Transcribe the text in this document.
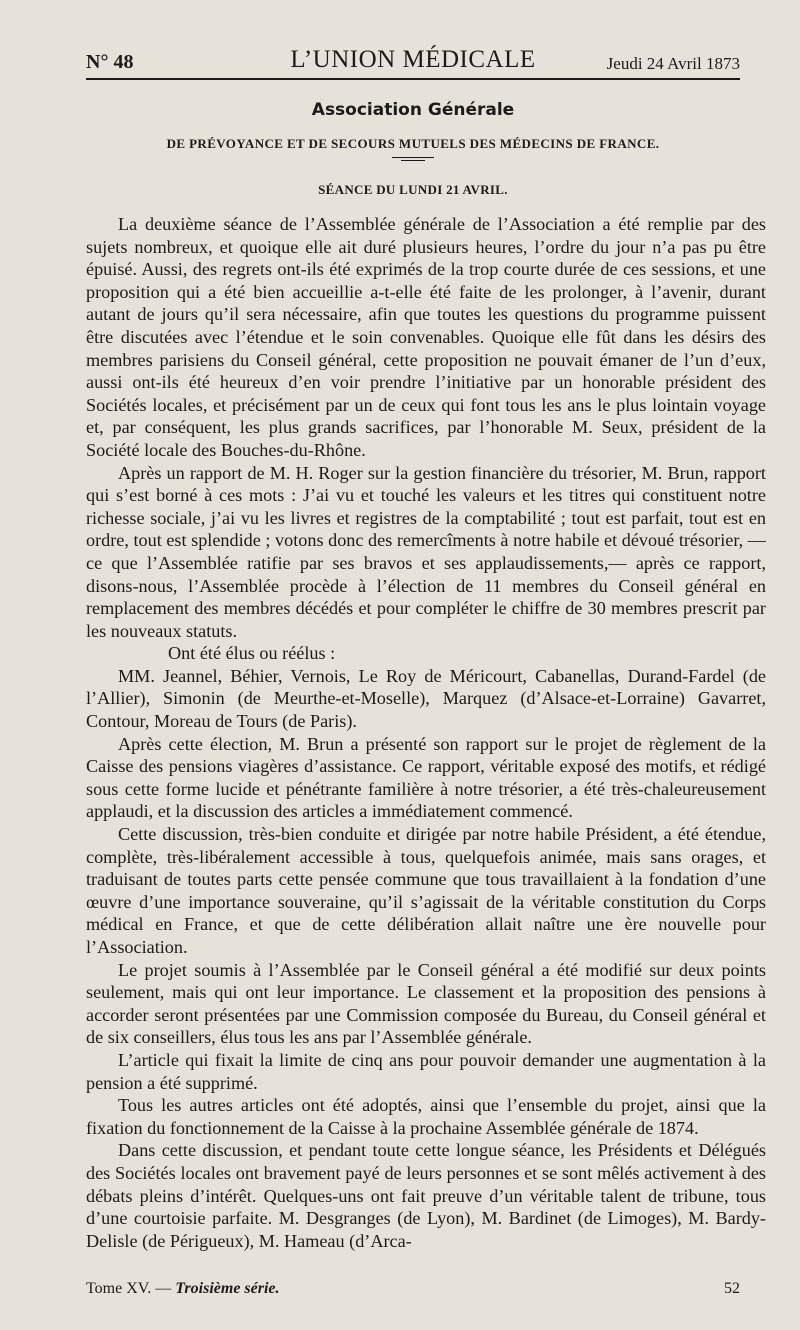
N° 48	L’UNION MÉDICALE	Jeudi 24 Avril 1873
Association Générale
DE PRÉVOYANCE ET DE SECOURS MUTUELS DES MÉDECINS DE FRANCE.
SÉANCE DU LUNDI 21 AVRIL.

La deuxième séance de l’Assemblée générale de l’Association a été remplie par des sujets nombreux, et quoique elle ait duré plusieurs heures, l’ordre du jour n’a pas pu être épuisé. Aussi, des regrets ont-ils été exprimés de la trop courte durée de ces sessions, et une proposition qui a été bien accueillie a-t-elle été faite de les prolonger, à l’avenir, durant autant de jours qu’il sera nécessaire, afin que toutes les questions du programme puissent être discutées avec l’étendue et le soin convenables. Quoique elle fût dans les désirs des membres parisiens du Conseil général, cette proposition ne pouvait émaner de l’un d’eux, aussi ont-ils été heureux d’en voir prendre l’initiative par un honorable président des Sociétés locales, et précisément par un de ceux qui font tous les ans le plus lointain voyage et, par conséquent, les plus grands sacrifices, par l’honorable M. Seux, président de la Société locale des Bouches-du-Rhône.

Après un rapport de M. H. Roger sur la gestion financière du trésorier, M. Brun, rapport qui s’est borné à ces mots : J’ai vu et touché les valeurs et les titres qui constituent notre richesse sociale, j’ai vu les livres et registres de la comptabilité ; tout est parfait, tout est en ordre, tout est splendide ; votons donc des remercîments à notre habile et dévoué trésorier, — ce que l’Assemblée ratifie par ses bravos et ses applaudissements,— après ce rapport, disons-nous, l’Assemblée procède à l’élection de 11 membres du Conseil général en remplacement des membres décédés et pour compléter le chiffre de 30 membres prescrit par les nouveaux statuts.

Ont été élus ou réélus :

MM. Jeannel, Béhier, Vernois, Le Roy de Méricourt, Cabanellas, Durand-Fardel (de l’Allier), Simonin (de Meurthe-et-Moselle), Marquez (d’Alsace-et-Lorraine) Gavarret, Contour, Moreau de Tours (de Paris).

Après cette élection, M. Brun a présenté son rapport sur le projet de règlement de la Caisse des pensions viagères d’assistance. Ce rapport, véritable exposé des motifs, et rédigé sous cette forme lucide et pénétrante familière à notre trésorier, a été très-chaleureusement applaudi, et la discussion des articles a immédiatement commencé.

Cette discussion, très-bien conduite et dirigée par notre habile Président, a été étendue, complète, très-libéralement accessible à tous, quelquefois animée, mais sans orages, et traduisant de toutes parts cette pensée commune que tous travaillaient à la fondation d’une œuvre d’une importance souveraine, qu’il s’agissait de la véritable constitution du Corps médical en France, et que de cette délibération allait naître une ère nouvelle pour l’Association.

Le projet soumis à l’Assemblée par le Conseil général a été modifié sur deux points seulement, mais qui ont leur importance. Le classement et la proposition des pensions à accorder seront présentées par une Commission composée du Bureau, du Conseil général et de six conseillers, élus tous les ans par l’Assemblée générale.

L’article qui fixait la limite de cinq ans pour pouvoir demander une augmentation à la pension a été supprimé.

Tous les autres articles ont été adoptés, ainsi que l’ensemble du projet, ainsi que la fixation du fonctionnement de la Caisse à la prochaine Assemblée générale de 1874.

Dans cette discussion, et pendant toute cette longue séance, les Présidents et Délégués des Sociétés locales ont bravement payé de leurs personnes et se sont mêlés activement à des débats pleins d’intérêt. Quelques-uns ont fait preuve d’un véritable talent de tribune, tous d’une courtoisie parfaite. M. Desgranges (de Lyon), M. Bardinet (de Limoges), M. Bardy-Delisle (de Périgueux), M. Hameau (d’Arca-

Tome XV. — Troisième série.	52
